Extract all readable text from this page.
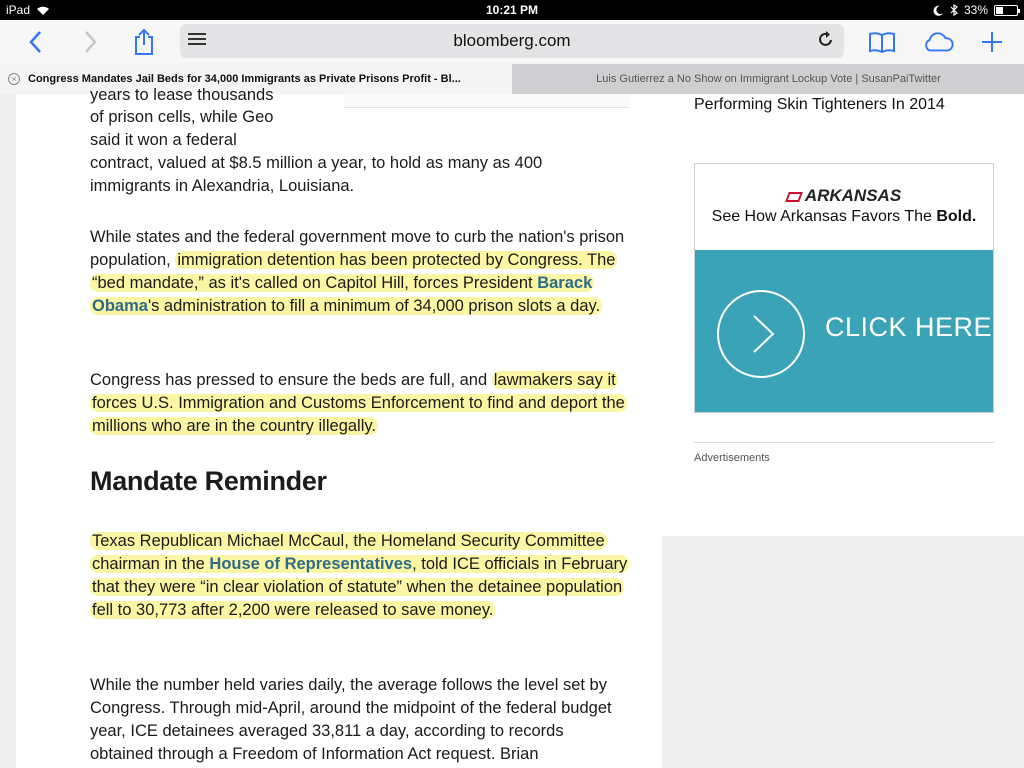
iPad	10:21 PM	33%
bloomberg.com
×	Congress Mandates Jail Beds for 34,000 Immigrants as Private Prisons Profit - Bl...	Luis Gutierrez a No Show on Immigrant Lockup Vote | SusanPaiTwitter
years to lease thousands
of prison cells, while Geo
said it won a federal
contract, valued at $8.5 million a year, to hold as many as 400
immigrants in Alexandria, Louisiana.
While states and the federal government move to curb the nation's prison population, immigration detention has been protected by Congress. The “bed mandate,” as it's called on Capitol Hill, forces President Barack Obama's administration to fill a minimum of 34,000 prison slots a day.
Congress has pressed to ensure the beds are full, and lawmakers say it forces U.S. Immigration and Customs Enforcement to find and deport the millions who are in the country illegally.
Mandate Reminder
Texas Republican Michael McCaul, the Homeland Security Committee chairman in the House of Representatives, told ICE officials in February that they were “in clear violation of statute” when the detainee population fell to 30,773 after 2,200 were released to save money.
While the number held varies daily, the average follows the level set by Congress. Through mid-April, around the midpoint of the federal budget year, ICE detainees averaged 33,811 a day, according to records obtained through a Freedom of Information Act request. Brian
Performing Skin Tighteners In 2014
ARKANSAS
See How Arkansas Favors The Bold.
CLICK HERE
Advertisements
